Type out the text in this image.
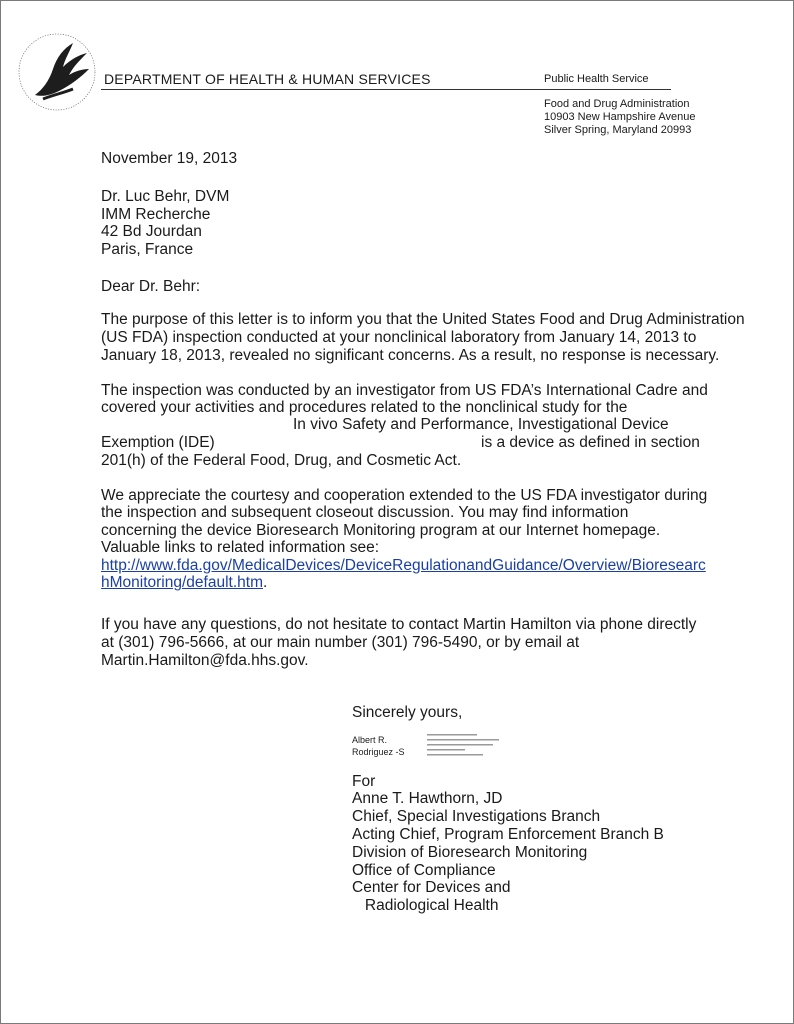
DEPARTMENT OF HEALTH & HUMAN SERVICES	Public Health Service
Food and Drug Administration
10903 New Hampshire Avenue
Silver Spring, Maryland 20993
November 19, 2013
Dr. Luc Behr, DVM
IMM Recherche
42 Bd Jourdan
Paris, France
Dear Dr. Behr:
The purpose of this letter is to inform you that the United States Food and Drug Administration
(US FDA) inspection conducted at your nonclinical laboratory from January 14, 2013 to
January 18, 2013, revealed no significant concerns. As a result, no response is necessary.
The inspection was conducted by an investigator from US FDA’s International Cadre and
covered your activities and procedures related to the nonclinical study for the
In vivo Safety and Performance, Investigational Device
Exemption (IDE)	is a device as defined in section
201(h) of the Federal Food, Drug, and Cosmetic Act.
We appreciate the courtesy and cooperation extended to the US FDA investigator during
the inspection and subsequent closeout discussion. You may find information
concerning the device Bioresearch Monitoring program at our Internet homepage.
Valuable links to related information see:
http://www.fda.gov/MedicalDevices/DeviceRegulationandGuidance/Overview/Bioresearc
hMonitoring/default.htm.
If you have any questions, do not hesitate to contact Martin Hamilton via phone directly
at (301) 796-5666, at our main number (301) 796-5490, or by email at
Martin.Hamilton@fda.hhs.gov.
Sincerely yours,
Albert R.
Rodriguez -S
For
Anne T. Hawthorn, JD
Chief, Special Investigations Branch
Acting Chief, Program Enforcement Branch B
Division of Bioresearch Monitoring
Office of Compliance
Center for Devices and
Radiological Health
